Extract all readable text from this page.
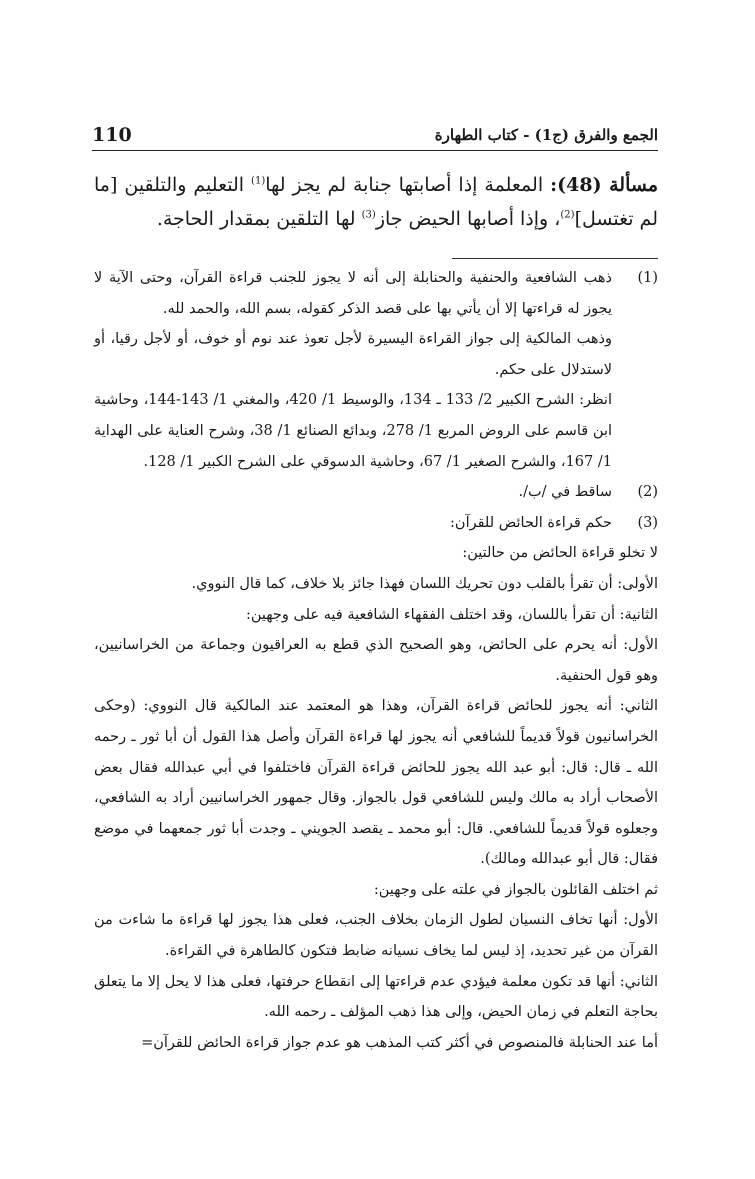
110	الجمع والفرق (ج1) - كتاب الطهارة
مسألة (48): المعلمة إذا أصابتها جنابة لم يجز لها$^{(1)}$ التعليم والتلقين [ما لم تغتسل]$^{(2)}$، وإذا أصابها الحيض جاز$^{(3)}$ لها التلقين بمقدار الحاجة.
(1)

ذهب الشافعية والحنفية والحنابلة إلى أنه لا يجوز للجنب قراءة القرآن، وحتى الآية لا يجوز له قراءتها إلا أن يأتي بها على قصد الذكر كقوله، بسم الله، والحمد لله.

وذهب المالكية إلى جواز القراءة اليسيرة لأجل تعوذ عند نوم أو خوف، أو لأجل رقيا، أو لاستدلال على حكم.

انظر: الشرح الكبير 2/ 133 ـ 134، والوسيط 1/ 420، والمغني 1/ 143-144، وحاشية ابن قاسم على الروض المربع 1/ 278، وبدائع الصنائع 1/ 38، وشرح العناية على الهداية 1/ 167، والشرح الصغير 1/ 67، وحاشية الدسوقي على الشرح الكبير 1/ 128.

(2)

ساقط في /ب/.

(3)

حكم قراءة الحائض للقرآن:

لا تخلو قراءة الحائض من حالتين:

الأولى: أن تقرأ بالقلب دون تحريك اللسان فهذا جائز بلا خلاف، كما قال النووي.

الثانية: أن تقرأ باللسان، وقد اختلف الفقهاء الشافعية فيه على وجهين:

الأول: أنه يحرم على الحائض، وهو الصحيح الذي قطع به العراقيون وجماعة من الخراسانيين، وهو قول الحنفية.

الثاني: أنه يجوز للحائض قراءة القرآن، وهذا هو المعتمد عند المالكية قال النووي: (وحكى الخراسانيون قولاً قديماً للشافعي أنه يجوز لها قراءة القرآن وأصل هذا القول أن أبا ثور ـ رحمه الله ـ قال: قال: أبو عبد الله يجوز للحائض قراءة القرآن فاختلفوا في أبي عبدالله فقال بعض الأصحاب أراد به مالك وليس للشافعي قول بالجواز. وقال جمهور الخراسانيين أراد به الشافعي، وجعلوه قولاً قديماً للشافعي. قال: أبو محمد ـ يقصد الجويني ـ وجدت أبا ثور جمعهما في موضع فقال: قال أبو عبدالله ومالك).

ثم اختلف القائلون بالجواز في علته على وجهين:

الأول: أنها تخاف النسيان لطول الزمان بخلاف الجنب، فعلى هذا يجوز لها قراءة ما شاءت من القرآن من غير تحديد، إذ ليس لما يخاف نسيانه ضابط فتكون كالطاهرة في القراءة.

الثاني: أنها قد تكون معلمة فيؤدي عدم قراءتها إلى انقطاع حرفتها، فعلى هذا لا يحل إلا ما يتعلق بحاجة التعلم في زمان الحيض، وإلى هذا ذهب المؤلف ـ رحمه الله.

أما عند الحنابلة فالمنصوص في أكثر كتب المذهب هو عدم جواز قراءة الحائض للقرآن=
